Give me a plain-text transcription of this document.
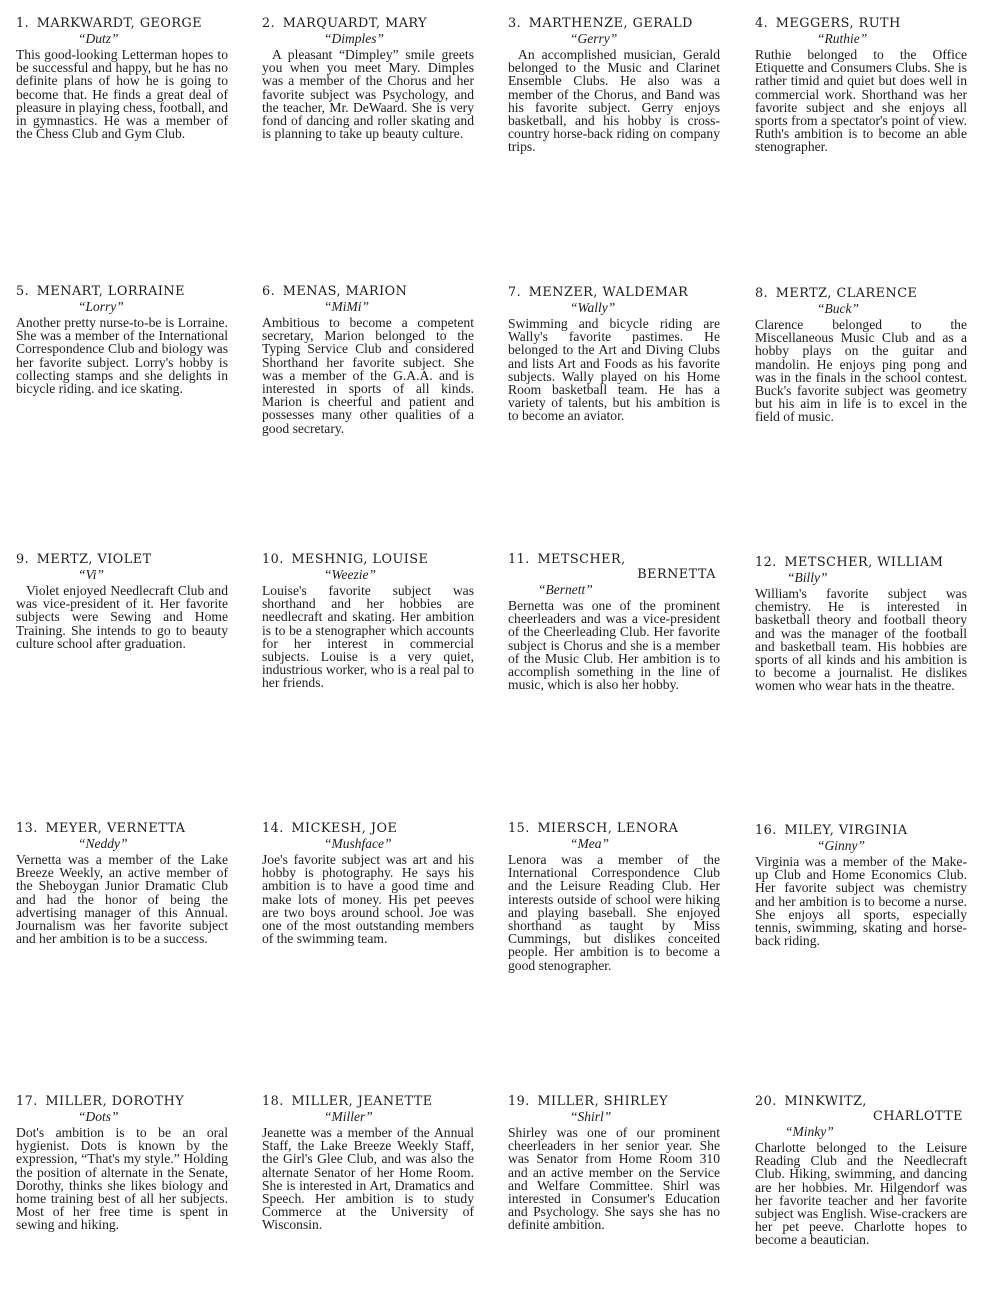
1. MARKWARDT, GEORGE
“Dutz”

This good-looking Letterman hopes to be successful and happy, but he has no definite plans of how he is going to become that. He finds a great deal of pleasure in playing chess, football, and in gymnastics. He was a member of the Chess Club and Gym Club.

2. MARQUARDT, MARY
“Dimples”

A pleasant “Dimpley” smile greets you when you meet Mary. Dimples was a member of the Chorus and her favorite subject was Psychology, and the teacher, Mr. DeWaard. She is very fond of dancing and roller skating and is planning to take up beauty culture.

3. MARTHENZE, GERALD
“Gerry”

An accomplished musician, Gerald belonged to the Music and Clarinet Ensemble Clubs. He also was a member of the Chorus, and Band was his favorite subject. Gerry enjoys basketball, and his hobby is cross-country horse-back riding on company trips.

4. MEGGERS, RUTH
“Ruthie”

Ruthie belonged to the Office Etiquette and Consumers Clubs. She is rather timid and quiet but does well in commercial work. Shorthand was her favorite subject and she enjoys all sports from a spectator's point of view. Ruth's ambition is to become an able stenographer.

5. MENART, LORRAINE
“Lorry”

Another pretty nurse-to-be is Lorraine. She was a member of the International Correspondence Club and biology was her favorite subject. Lorry's hobby is collecting stamps and she delights in bicycle riding. and ice skating.

6. MENAS, MARION
“MiMi”

Ambitious to become a competent secretary, Marion belonged to the Typing Service Club and considered Shorthand her favorite subject. She was a member of the G.A.A. and is interested in sports of all kinds. Marion is cheerful and patient and possesses many other qualities of a good secretary.

7. MENZER, WALDEMAR
“Wally”

Swimming and bicycle riding are Wally's favorite pastimes. He belonged to the Art and Diving Clubs and lists Art and Foods as his favorite subjects. Wally played on his Home Room basketball team. He has a variety of talents, but his ambition is to become an aviator.

8. MERTZ, CLARENCE
“Buck”

Clarence belonged to the Miscellaneous Music Club and as a hobby plays on the guitar and mandolin. He enjoys ping pong and was in the finals in the school contest. Buck's favorite subject was geometry but his aim in life is to excel in the field of music.

9. MERTZ, VIOLET
“Vi”

Violet enjoyed Needlecraft Club and was vice-president of it. Her favorite subjects were Sewing and Home Training. She intends to go to beauty culture school after graduation.

10. MESHNIG, LOUISE
“Weezie”

Louise's favorite subject was shorthand and her hobbies are needlecraft and skating. Her ambition is to be a stenographer which accounts for her interest in commercial subjects. Louise is a very quiet, industrious worker, who is a real pal to her friends.

11. METSCHER,
BERNETTA
“Bernett”

Bernetta was one of the prominent cheerleaders and was a vice-president of the Cheerleading Club. Her favorite subject is Chorus and she is a member of the Music Club. Her ambition is to accomplish something in the line of music, which is also her hobby.

12. METSCHER, WILLIAM
“Billy”

William's favorite subject was chemistry. He is interested in basketball theory and football theory and was the manager of the football and basketball team. His hobbies are sports of all kinds and his ambition is to become a journalist. He dislikes women who wear hats in the theatre.

13. MEYER, VERNETTA
“Neddy”

Vernetta was a member of the Lake Breeze Weekly, an active member of the Sheboygan Junior Dramatic Club and had the honor of being the advertising manager of this Annual. Journalism was her favorite subject and her ambition is to be a success.

14. MICKESH, JOE
“Mushface”

Joe's favorite subject was art and his hobby is photography. He says his ambition is to have a good time and make lots of money. His pet peeves are two boys around school. Joe was one of the most outstanding members of the swimming team.

15. MIERSCH, LENORA
“Mea”

Lenora was a member of the International Correspondence Club and the Leisure Reading Club. Her interests outside of school were hiking and playing baseball. She enjoyed shorthand as taught by Miss Cummings, but dislikes conceited people. Her ambition is to become a good stenographer.

16. MILEY, VIRGINIA
“Ginny”

Virginia was a member of the Make-up Club and Home Economics Club. Her favorite subject was chemistry and her ambition is to become a nurse. She enjoys all sports, especially tennis, swimming, skating and horse-back riding.

17. MILLER, DOROTHY
“Dots”

Dot's ambition is to be an oral hygienist. Dots is known by the expression, “That's my style.” Holding the position of alternate in the Senate, Dorothy, thinks she likes biology and home training best of all her subjects. Most of her free time is spent in sewing and hiking.

18. MILLER, JEANETTE
“Miller”

Jeanette was a member of the Annual Staff, the Lake Breeze Weekly Staff, the Girl's Glee Club, and was also the alternate Senator of her Home Room. She is interested in Art, Dramatics and Speech. Her ambition is to study Commerce at the University of Wisconsin.

19. MILLER, SHIRLEY
“Shirl”

Shirley was one of our prominent cheerleaders in her senior year. She was Senator from Home Room 310 and an active member on the Service and Welfare Committee. Shirl was interested in Consumer's Education and Psychology. She says she has no definite ambition.

20. MINKWITZ,
CHARLOTTE
“Minky”

Charlotte belonged to the Leisure Reading Club and the Needlecraft Club. Hiking, swimming, and dancing are her hobbies. Mr. Hilgendorf was her favorite teacher and her favorite subject was English. Wise-crackers are her pet peeve. Charlotte hopes to become a beautician.
